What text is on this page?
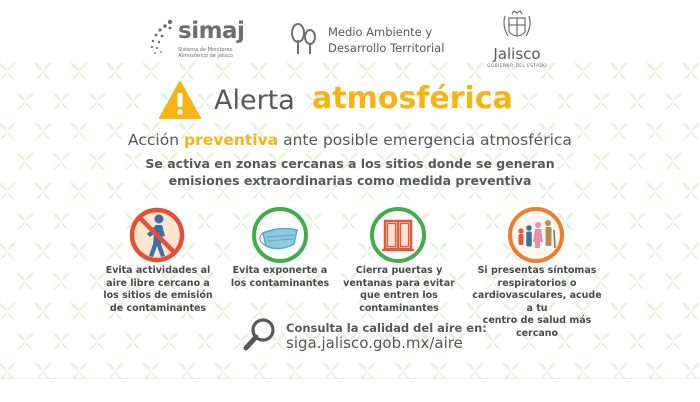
simaj
Sistema de Monitoreo Atmosférico de Jalisco
Medio Ambiente y
Desarrollo Territorial	Jalisco
GOBIERNO DEL ESTADO
Alerta atmosférica
Acción preventiva ante posible emergencia atmosférica
Se activa en zonas cercanas a los sitios donde se generan
emisiones extraordinarias como medida preventiva
Evita actividades al
aire libre cercano a
los sitios de emisión
de contaminantes
Evita exponerte a
los contaminantes
Cierra puertas y
ventanas para evitar
que entren los
contaminantes
Si presentas síntomas
respiratorios o
cardiovasculares, acude a tu
centro de salud más cercano
Consulta la calidad del aire en:
siga.jalisco.gob.mx/aire
